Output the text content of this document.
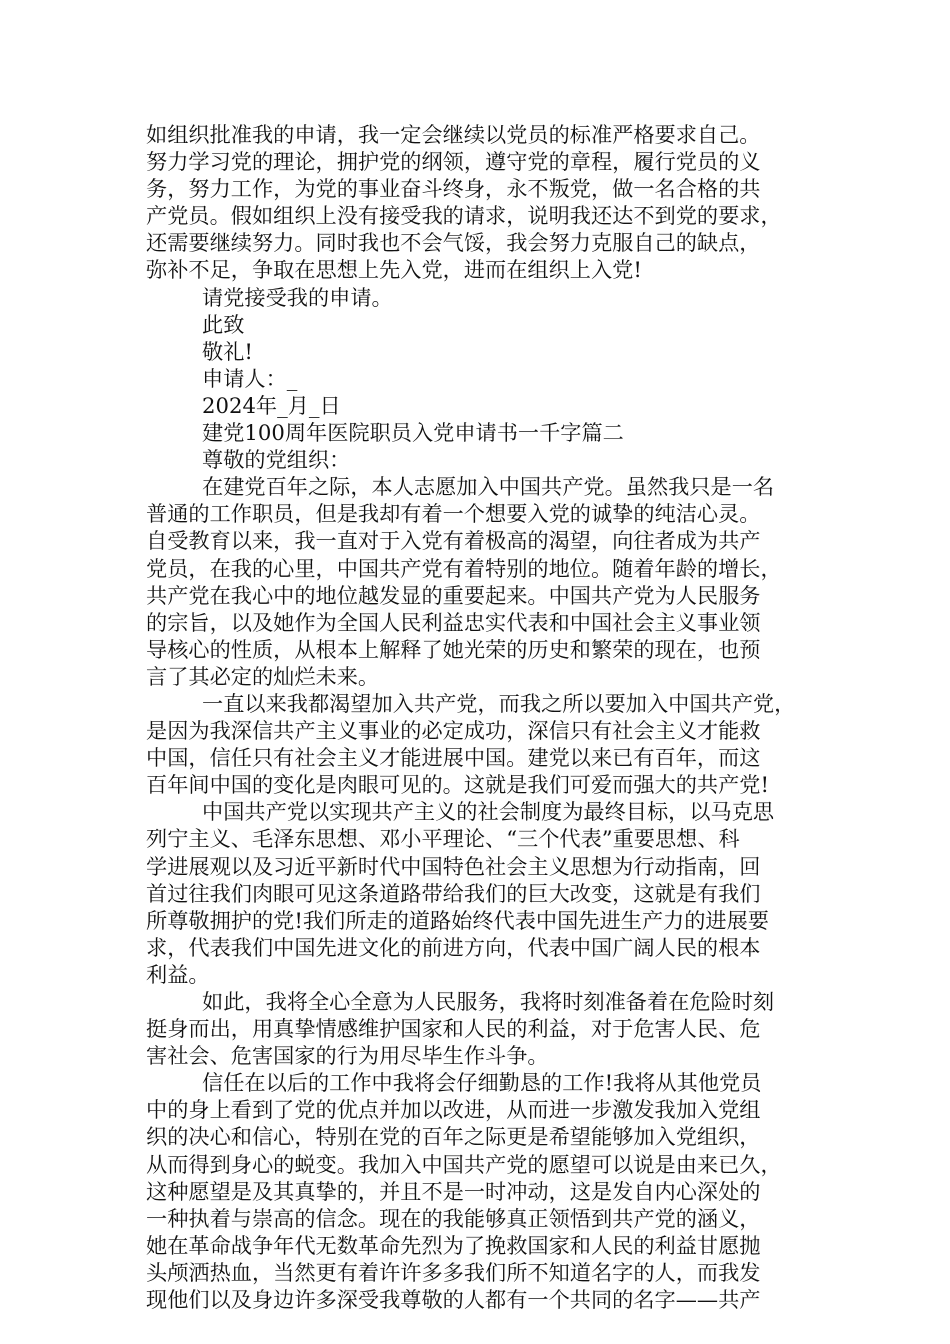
如组织批准我的申请，我一定会继续以党员的标准严格要求自己。
努力学习党的理论，拥护党的纲领，遵守党的章程，履行党员的义
务，努力工作，为党的事业奋斗终身，永不叛党，做一名合格的共
产党员。假如组织上没有接受我的请求，说明我还达不到党的要求，
还需要继续努力。同时我也不会气馁，我会努力克服自己的缺点，
弥补不足，争取在思想上先入党，进而在组织上入党!
请党接受我的申请。
此致
敬礼!
申请人：_
2024年_月_日
建党100周年医院职员入党申请书一千字篇二
尊敬的党组织：
在建党百年之际，本人志愿加入中国共产党。虽然我只是一名
普通的工作职员，但是我却有着一个想要入党的诚挚的纯洁心灵。
自受教育以来，我一直对于入党有着极高的渴望，向往者成为共产
党员，在我的心里，中国共产党有着特别的地位。随着年龄的增长，
共产党在我心中的地位越发显的重要起来。中国共产党为人民服务
的宗旨，以及她作为全国人民利益忠实代表和中国社会主义事业领
导核心的性质，从根本上解释了她光荣的历史和繁荣的现在，也预
言了其必定的灿烂未来。
一直以来我都渴望加入共产党，而我之所以要加入中国共产党，
是因为我深信共产主义事业的必定成功，深信只有社会主义才能救
中国，信任只有社会主义才能进展中国。建党以来已有百年，而这
百年间中国的变化是肉眼可见的。这就是我们可爱而强大的共产党!
中国共产党以实现共产主义的社会制度为最终目标，以马克思
列宁主义、毛泽东思想、邓小平理论、“三个代表”重要思想、科
学进展观以及习近平新时代中国特色社会主义思想为行动指南，回
首过往我们肉眼可见这条道路带给我们的巨大改变，这就是有我们
所尊敬拥护的党!我们所走的道路始终代表中国先进生产力的进展要
求，代表我们中国先进文化的前进方向，代表中国广阔人民的根本
利益。
如此，我将全心全意为人民服务，我将时刻准备着在危险时刻
挺身而出，用真挚情感维护国家和人民的利益，对于危害人民、危
害社会、危害国家的行为用尽毕生作斗争。
信任在以后的工作中我将会仔细勤恳的工作!我将从其他党员
中的身上看到了党的优点并加以改进，从而进一步激发我加入党组
织的决心和信心，特别在党的百年之际更是希望能够加入党组织，
从而得到身心的蜕变。我加入中国共产党的愿望可以说是由来已久，
这种愿望是及其真挚的，并且不是一时冲动，这是发自内心深处的
一种执着与崇高的信念。现在的我能够真正领悟到共产党的涵义，
她在革命战争年代无数革命先烈为了挽救国家和人民的利益甘愿抛
头颅洒热血，当然更有着许许多多我们所不知道名字的人，而我发
现他们以及身边许多深受我尊敬的人都有一个共同的名字——共产
